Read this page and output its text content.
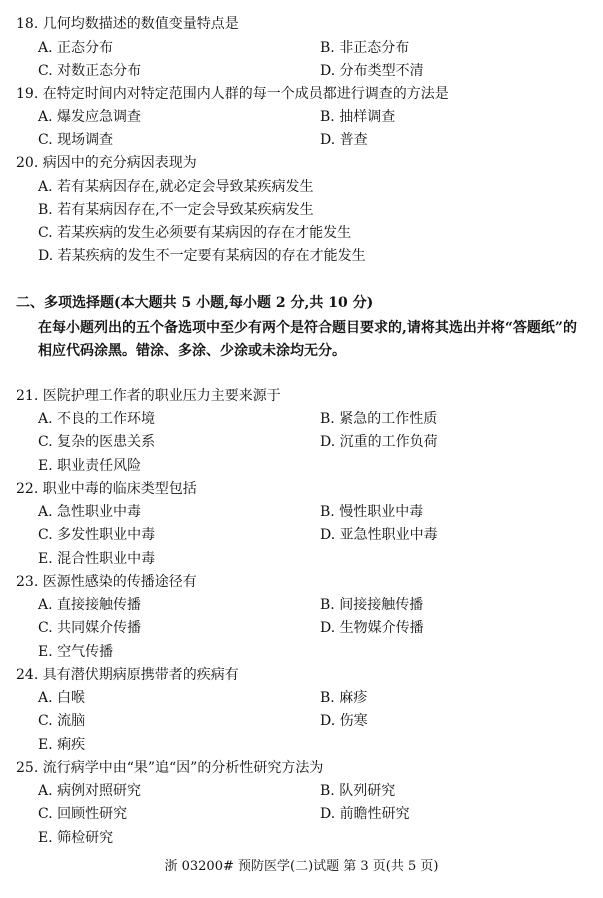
18. 几何均数描述的数值变量特点是
A. 正态分布	B. 非正态分布
C. 对数正态分布	D. 分布类型不清
19. 在特定时间内对特定范围内人群的每一个成员都进行调查的方法是
A. 爆发应急调查	B. 抽样调查
C. 现场调查	D. 普查
20. 病因中的充分病因表现为
A. 若有某病因存在,就必定会导致某疾病发生
B. 若有某病因存在,不一定会导致某疾病发生
C. 若某疾病的发生必须要有某病因的存在才能发生
D. 若某疾病的发生不一定要有某病因的存在才能发生
二、多项选择题(本大题共 5 小题,每小题 2 分,共 10 分)
在每小题列出的五个备选项中至少有两个是符合题目要求的,请将其选出并将“答题纸”的相应代码涂黑。错涂、多涂、少涂或未涂均无分。
21. 医院护理工作者的职业压力主要来源于
A. 不良的工作环境	B. 紧急的工作性质
C. 复杂的医患关系	D. 沉重的工作负荷
E. 职业责任风险
22. 职业中毒的临床类型包括
A. 急性职业中毒	B. 慢性职业中毒
C. 多发性职业中毒	D. 亚急性职业中毒
E. 混合性职业中毒
23. 医源性感染的传播途径有
A. 直接接触传播	B. 间接接触传播
C. 共同媒介传播	D. 生物媒介传播
E. 空气传播
24. 具有潜伏期病原携带者的疾病有
A. 白喉	B. 麻疹
C. 流脑	D. 伤寒
E. 痢疾
25. 流行病学中由“果”追“因”的分析性研究方法为
A. 病例对照研究	B. 队列研究
C. 回顾性研究	D. 前瞻性研究
E. 筛检研究
浙 03200# 预防医学(二)试题 第 3 页(共 5 页)
